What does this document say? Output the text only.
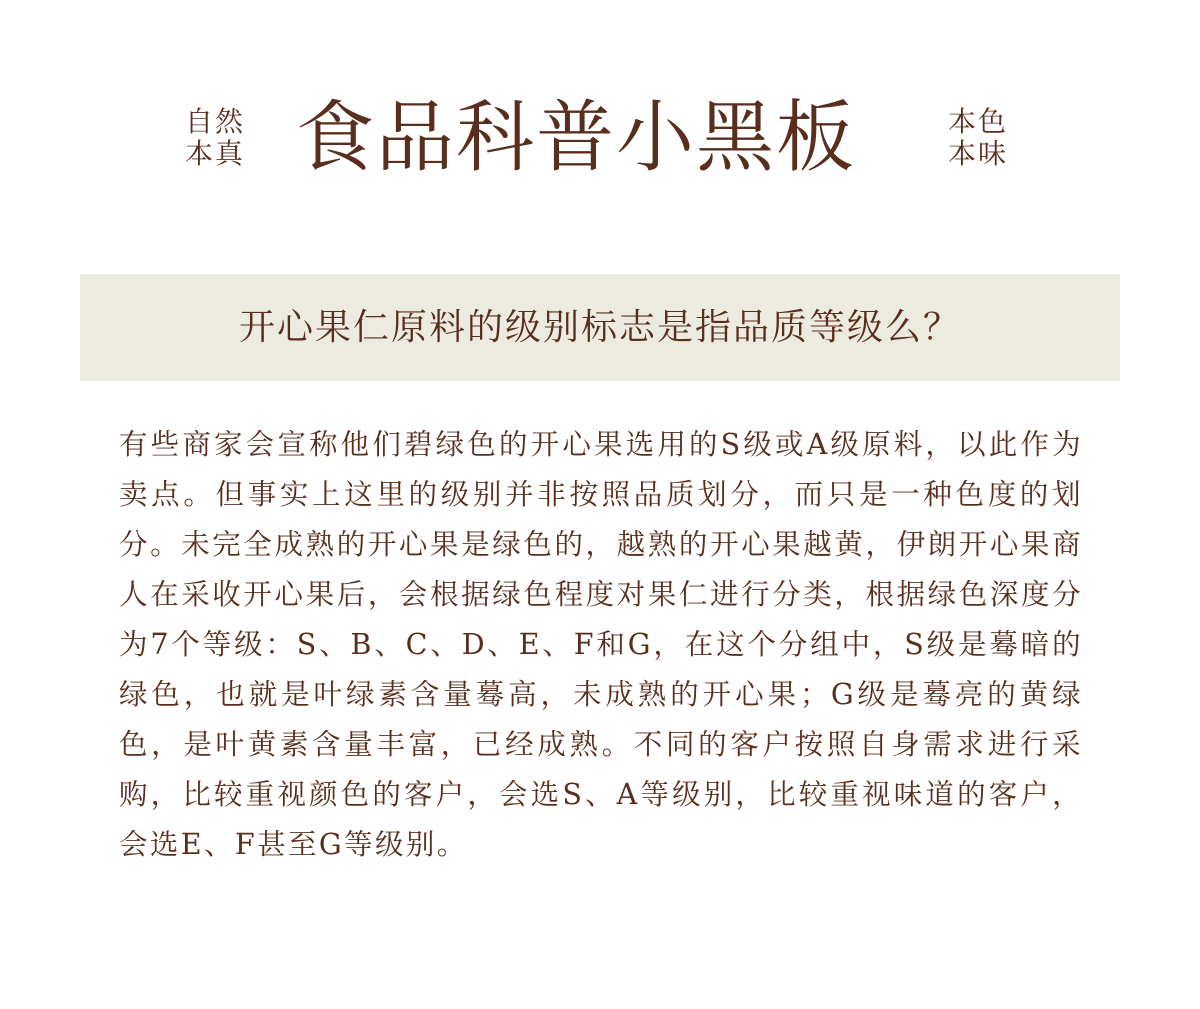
自然
本真 食品科普小黑板	本色
本味
开心果仁原料的级别标志是指品质等级么？
有些商家会宣称他们碧绿色的开心果选用的S级或A级原料，以此作为卖点。但事实上这里的级别并非按照品质划分，而只是一种色度的划分。未完全成熟的开心果是绿色的，越熟的开心果越黄，伊朗开心果商人在采收开心果后，会根据绿色程度对果仁进行分类，根据绿色深度分为7个等级：S、B、C、D、E、F和G，在这个分组中，S级是蓦暗的绿色，也就是叶绿素含量蓦高，未成熟的开心果；G级是蓦亮的黄绿色，是叶黄素含量丰富，已经成熟。不同的客户按照自身需求进行采购，比较重视颜色的客户，会选S、A等级别，比较重视味道的客户，会选E、F甚至G等级别。
